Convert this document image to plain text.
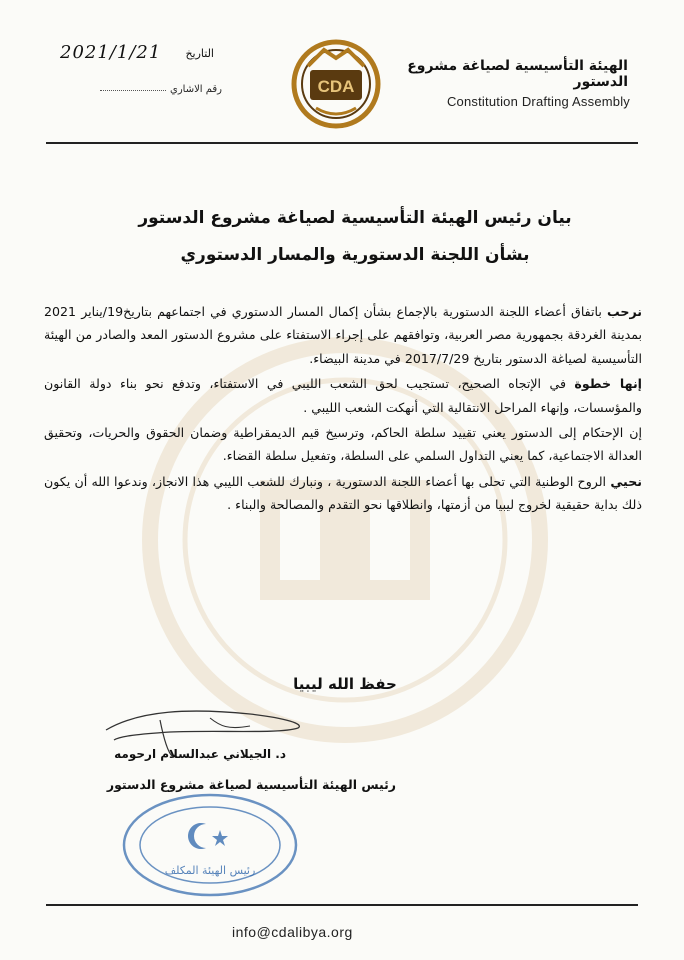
2021/1/21 التاريخ
رقم الاشاري	CDA
الهيئة التأسيسية لصياغة مشروع الدستور
Constitution Drafting Assembly
بيان رئيس الهيئة التأسيسية لصياغة مشروع الدستور
بشأن اللجنة الدستورية والمسار الدستوري

نرحب باتفاق أعضاء اللجنة الدستورية بالإجماع بشأن إكمال المسار الدستوري في اجتماعهم بتاريخ19/يناير 2021 بمدينة الغردقة بجمهورية مصر العربية، وتوافقهم على إجراء الاستفتاء على مشروع الدستور المعد والصادر من الهيئة التأسيسية لصياغة الدستور بتاريخ 2017/7/29 في مدينة البيضاء.

إنها خطوة في الإتجاه الصحيح، تستجيب لحق الشعب الليبي في الاستفتاء، وتدفع نحو بناء دولة القانون والمؤسسات، وإنهاء المراحل الانتقالية التي أنهكت الشعب الليبي .

إن الإحتكام إلى الدستور يعني تقييد سلطة الحاكم، وترسيخ قيم الديمقراطية وضمان الحقوق والحريات، وتحقيق العدالة الاجتماعية، كما يعني التداول السلمي على السلطة، وتفعيل سلطة القضاء.

نحيي الروح الوطنية التي تحلى بها أعضاء اللجنة الدستورية ، ونبارك للشعب الليبي هذا الانجاز، وندعوا الله أن يكون ذلك بداية حقيقية لخروج ليبيا من أزمتها، وانطلاقها نحو التقدم والمصالحة والبناء .

حفظ الله ليبيا
د. الجيلاني عبدالسلام ارحومه
رئيس الهيئة التأسيسية لصياغة مشروع الدستور
رئيس الهيئة المكلف
info@cdalibya.org
